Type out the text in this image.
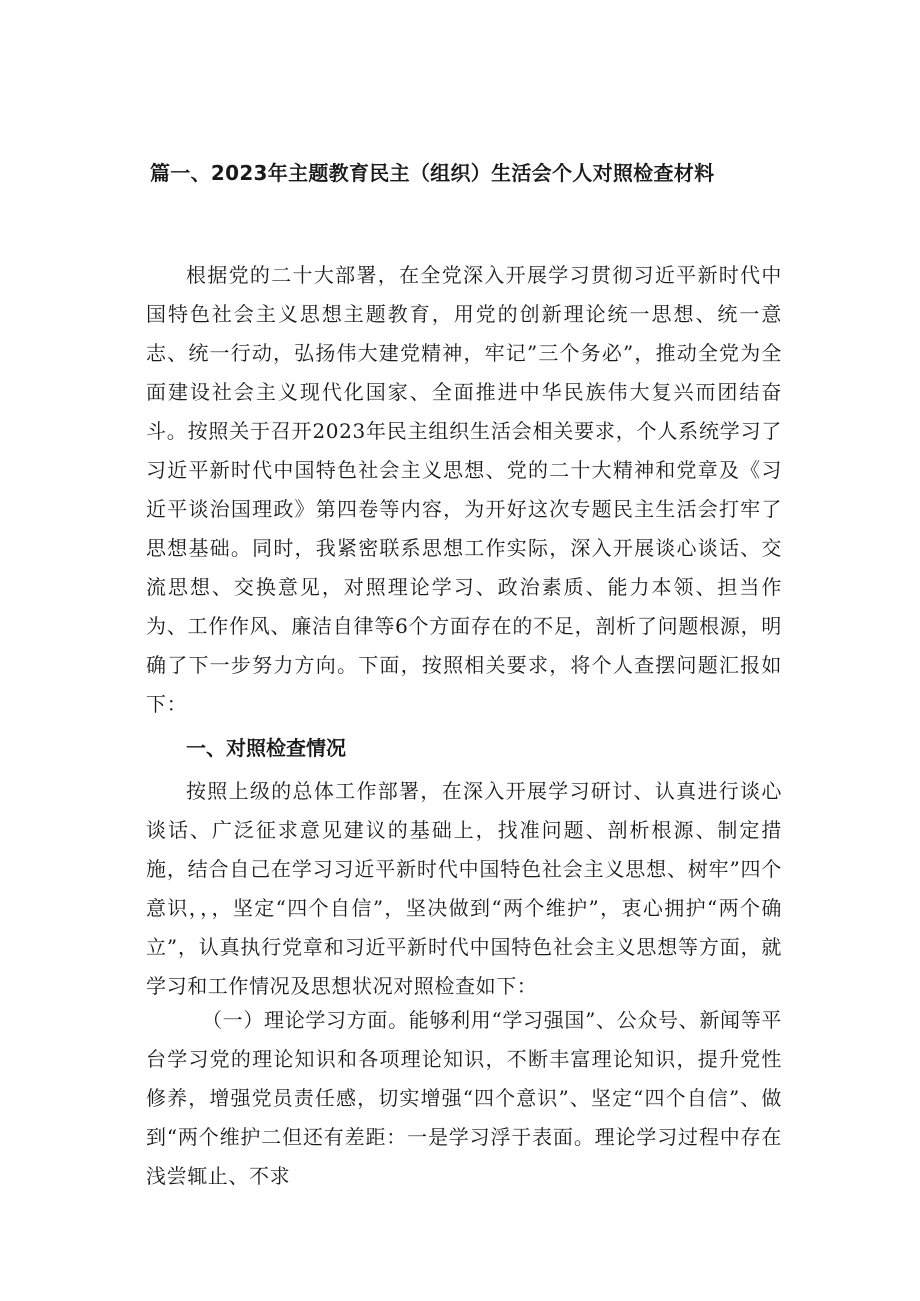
篇一、2023年主题教育民主（组织）生活会个人对照检查材料

根据党的二十大部署，在全党深入开展学习贯彻习近平新时代中国特色社会主义思想主题教育，用党的创新理论统一思想、统一意志、统一行动，弘扬伟大建党精神，牢记”三个务必”，推动全党为全面建设社会主义现代化国家、全面推进中华民族伟大复兴而团结奋斗。按照关于召开2023年民主组织生活会相关要求，个人系统学习了习近平新时代中国特色社会主义思想、党的二十大精神和党章及《习近平谈治国理政》第四卷等内容，为开好这次专题民主生活会打牢了思想基础。同时，我紧密联系思想工作实际，深入开展谈心谈话、交流思想、交换意见，对照理论学习、政治素质、能力本领、担当作为、工作作风、廉洁自律等6个方面存在的不足，剖析了问题根源，明确了下一步努力方向。下面，按照相关要求，将个人查摆问题汇报如下：

一、对照检查情况

按照上级的总体工作部署，在深入开展学习研讨、认真进行谈心谈话、广泛征求意见建议的基础上，找准问题、剖析根源、制定措施，结合自己在学习习近平新时代中国特色社会主义思想、树牢”四个意识，，，坚定“四个自信”，坚决做到“两个维护”，衷心拥护“两个确立”，认真执行党章和习近平新时代中国特色社会主义思想等方面，就学习和工作情况及思想状况对照检查如下：

（一）理论学习方面。能够利用“学习强国”、公众号、新闻等平台学习党的理论知识和各项理论知识，不断丰富理论知识，提升党性修养，增强党员责任感，切实增强“四个意识”、坚定“四个自信”、做到“两个维护二但还有差距：一是学习浮于表面。理论学习过程中存在浅尝辄止、不求
